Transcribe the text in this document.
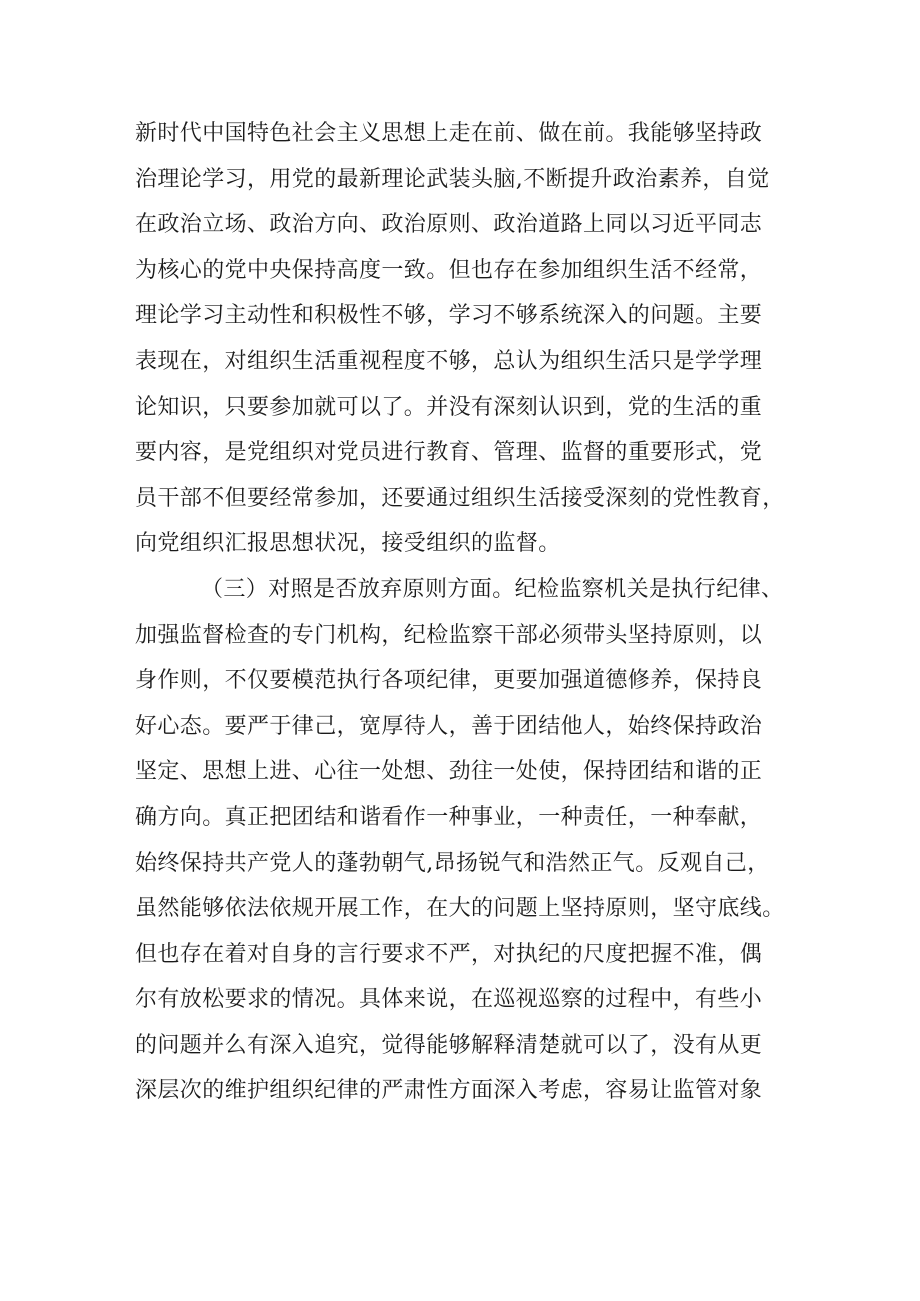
新时代中国特色社会主义思想上走在前、做在前。我能够坚持政
治理论学习，用党的最新理论武装头脑,不断提升政治素养，自觉
在政治立场、政治方向、政治原则、政治道路上同以习近平同志
为核心的党中央保持高度一致。但也存在参加组织生活不经常，
理论学习主动性和积极性不够，学习不够系统深入的问题。主要
表现在，对组织生活重视程度不够，总认为组织生活只是学学理
论知识，只要参加就可以了。并没有深刻认识到，党的生活的重
要内容，是党组织对党员进行教育、管理、监督的重要形式，党
员干部不但要经常参加，还要通过组织生活接受深刻的党性教育，
向党组织汇报思想状况，接受组织的监督。
（三）对照是否放弃原则方面。纪检监察机关是执行纪律、
加强监督检查的专门机构，纪检监察干部必须带头坚持原则，以
身作则，不仅要模范执行各项纪律，更要加强道德修养，保持良
好心态。要严于律己，宽厚待人，善于团结他人，始终保持政治
坚定、思想上进、心往一处想、劲往一处使，保持团结和谐的正
确方向。真正把团结和谐看作一种事业，一种责任，一种奉献，
始终保持共产党人的蓬勃朝气,昂扬锐气和浩然正气。反观自己，
虽然能够依法依规开展工作，在大的问题上坚持原则，坚守底线。
但也存在着对自身的言行要求不严，对执纪的尺度把握不准，偶
尔有放松要求的情况。具体来说，在巡视巡察的过程中，有些小
的问题并么有深入追究，觉得能够解释清楚就可以了，没有从更
深层次的维护组织纪律的严肃性方面深入考虑，容易让监管对象
